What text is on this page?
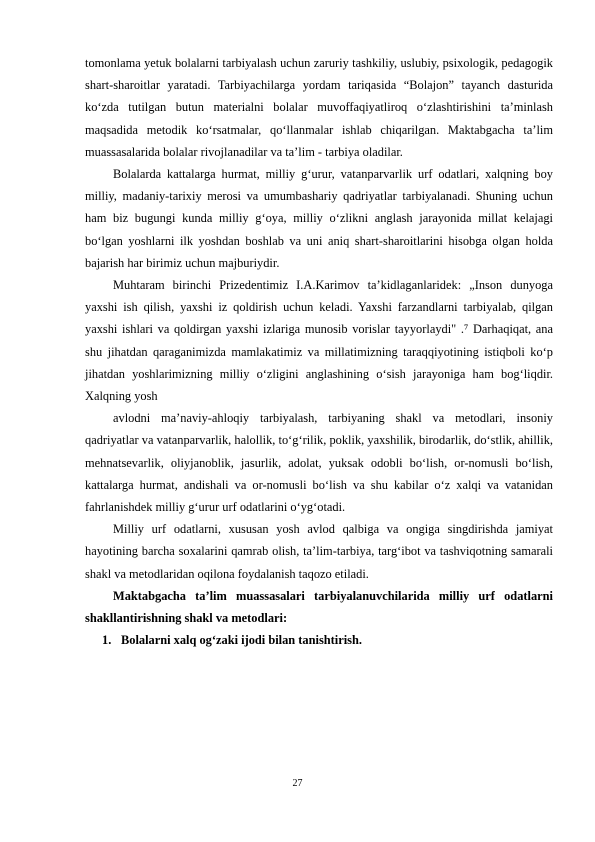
tomonlama yetuk bolalarni tarbiyalash uchun zaruriy tashkiliy, uslubiy, psixologik, pedagogik shart-sharoitlar yaratadi. Tarbiyachilarga yordam tariqasida “Bolajon” tayanch dasturida ko‘zda tutilgan butun materialni bolalar muvoffaqiyatliroq o‘zlashtirishini ta’minlash maqsadida metodik ko‘rsatmalar, qo‘llanmalar ishlab chiqarilgan. Maktabgacha ta’lim muassasalarida bolalar rivojlanadilar va ta’lim - tarbiya oladilar.

Bolalarda kattalarga hurmat, milliy g‘urur, vatanparvarlik urf odatlari, xalqning boy milliy, madaniy-tarixiy merosi va umumbashariy qadriyatlar tarbiyalanadi. Shuning uchun ham biz bugungi kunda milliy g‘oya, milliy o‘zlikni anglash jarayonida millat kelajagi bo‘lgan yoshlarni ilk yoshdan boshlab va uni aniq shart-sharoitlarini hisobga olgan holda bajarish har birimiz uchun majburiydir.

Muhtaram birinchi Prizedentimiz I.A.Karimov ta’kidlaganlaridek: „Inson dunyoga yaxshi ish qilish, yaxshi iz qoldirish uchun keladi. Yaxshi farzandlarni tarbiyalab, qilgan yaxshi ishlari va qoldirgan yaxshi izlariga munosib vorislar tayyorlaydi" .⁷ Darhaqiqat, ana shu jihatdan qaraganimizda mamlakatimiz va millatimizning taraqqiyotining istiqboli ko‘p jihatdan yoshlarimizning milliy o‘zligini anglashining o‘sish jarayoniga ham bog‘liqdir. Xalqning yosh

avlodni ma’naviy-ahloqiy tarbiyalash, tarbiyaning shakl va metodlari, insoniy qadriyatlar va vatanparvarlik, halollik, to‘g‘rilik, poklik, yaxshilik, birodarlik, do‘stlik, ahillik, mehnatsevarlik, oliyjanoblik, jasurlik, adolat, yuksak odobli bo‘lish, or-nomusli bo‘lish, kattalarga hurmat, andishali va or-nomusli bo‘lish va shu kabilar o‘z xalqi va vatanidan fahrlanishdek milliy g‘urur urf odatlarini o‘yg‘otadi.

Milliy urf odatlarni, xususan yosh avlod qalbiga va ongiga singdirishda jamiyat hayotining barcha soxalarini qamrab olish, ta’lim-tarbiya, targ‘ibot va tashviqotning samarali shakl va metodlaridan oqilona foydalanish taqozo etiladi.

Maktabgacha ta’lim muassasalari tarbiyalanuvchilarida milliy urf odatlarni shakllantirishning shakl va metodlari:

1. Bolalarni xalq og‘zaki ijodi bilan tanishtirish.

27
